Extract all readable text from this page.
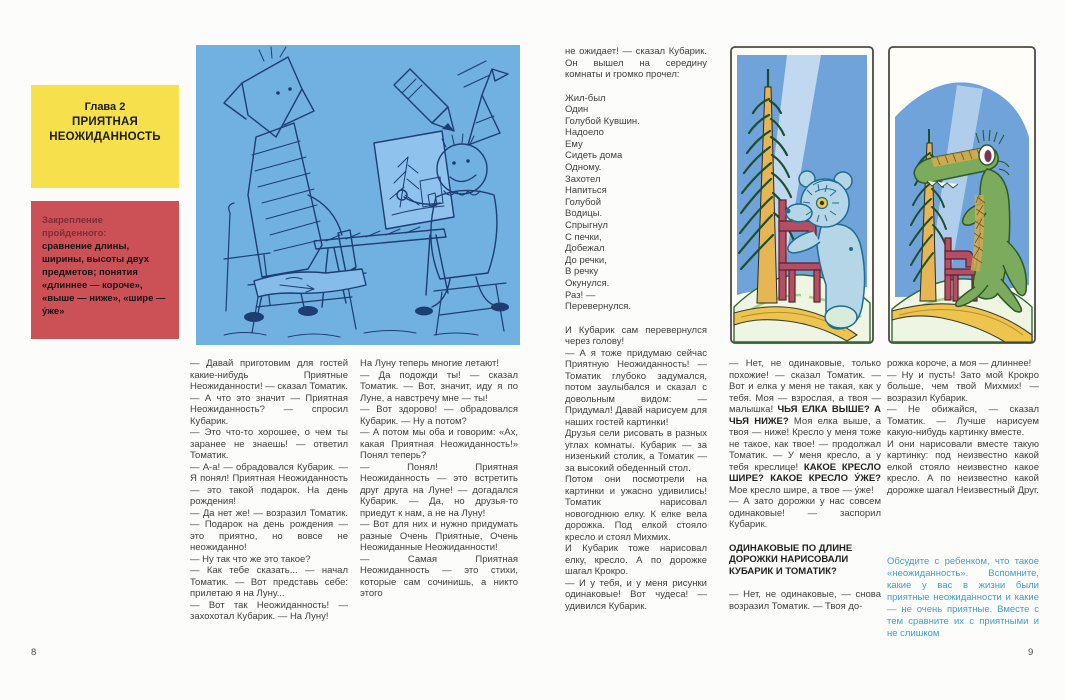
Глава 2
ПРИЯТНАЯ НЕОЖИДАННОСТЬ
Закрепление пройденного:
сравнение длины, ширины, высоты двух предметов; понятия «длиннее — короче», «выше — ниже», «шире — у́же»

— Давай приготовим для гостей какие-нибудь Приятные Неожиданности! — сказал Томатик.

— А что это значит — Приятная Неожиданность? — спросил Кубарик.

— Это что-то хорошее, о чем ты заранее не знаешь! — ответил Томатик.

— А-а! — обрадовался Кубарик. — Я понял! Приятная Неожиданность — это такой подарок. На день рождения!

— Да нет же! — возразил Томатик. — Подарок на день рождения — это приятно, но вовсе не неожиданно!

— Ну так что же это такое?

— Как тебе сказать... — начал Томатик. — Вот представь себе: прилетаю я на Луну...

— Вот так Неожиданность! — захохотал Кубарик. — На Луну!

На Луну теперь многие летают!

— Да подожди ты! — сказал Томатик. — Вот, значит, иду я по Луне, а навстречу мне — ты!

— Вот здорово! — обрадовался Кубарик. — Ну а потом?

— А потом мы оба и говорим: «Ах, какая Приятная Неожиданность!» Понял теперь?

— Понял! Приятная Неожиданность — это встретить друг друга на Луне! — догадался Кубарик. — Да, но друзья-то приедут к нам, а не на Луну!

— Вот для них и нужно придумать разные Очень Приятные, Очень Неожиданные Неожиданности!

— Самая Приятная Неожиданность — это стихи, которые сам сочинишь, а никто этого

8

не ожидает! — сказал Кубарик. Он вышел на середину комнаты и громко прочел:

Жил-был
Один
Голубой Кувшин.
Надоело
Ему
Сидеть дома
Одному.
Захотел
Напиться
Голубой
Водицы.
Спрыгнул
С печки,
Добежал
До речки,
В речку
Окунулся.
Раз! —
Перевернулся.

И Кубарик сам перевернулся через голову!

— А я тоже придумаю сейчас Приятную Неожиданность! — Томатик глубоко задумался, потом заулыбался и сказал с довольным видом: — Придумал! Давай нарисуем для наших гостей картинки!

Друзья сели рисовать в разных углах комнаты. Кубарик — за низенький столик, а Томатик — за высокий обеденный стол.

Потом они посмотрели на картинки и ужасно удивились! Томатик нарисовал новогоднюю елку. К елке вела дорожка. Под елкой стояло кресло и стоял Михмих.

И Кубарик тоже нарисовал елку, кресло. А по дорожке шагал Крокро.

— И у тебя, и у меня рисунки одинаковые! Вот чудеса! — удивился Кубарик.

— Нет, не одинаковые, только похожие! — сказал Томатик. — Вот и елка у меня не такая, как у тебя. Моя — взрослая, а твоя — малышка! ЧЬЯ ЕЛКА ВЫШЕ? А ЧЬЯ НИЖЕ? Моя елка выше, а твоя — ниже! Кресло у меня тоже не такое, как твое! — продолжал Томатик. — У меня кресло, а у тебя креслице! КАКОЕ КРЕСЛО ШИРЕ? КАКОЕ КРЕСЛО У́ЖЕ? Мое кресло шире, а твое — у́же!

— А зато дорожки у нас совсем одинаковые! — заспорил Кубарик.

ОДИНАКОВЫЕ ПО ДЛИНЕ ДОРОЖКИ НАРИСОВАЛИ КУБАРИК И ТОМАТИК?

— Нет, не одинаковые, — снова возразил Томатик. — Твоя до-

рожка короче, а моя — длиннее!

— Ну и пусть! Зато мой Крокро больше, чем твой Михмих! — возразил Кубарик.

— Не обижайся, — сказал Томатик. — Лучше нарисуем какую-нибудь картинку вместе.

И они нарисовали вместе такую картинку: под неизвестно какой елкой стояло неизвестно какое кресло. А по неизвестно какой дорожке шагал Неизвестный Друг.

Обсудите с ребенком, что такое «неожиданность». Вспомните, какие у вас в жизни были приятные неожиданности и какие — не очень приятные. Вместе с тем сравните их с приятными и не слишком
9
